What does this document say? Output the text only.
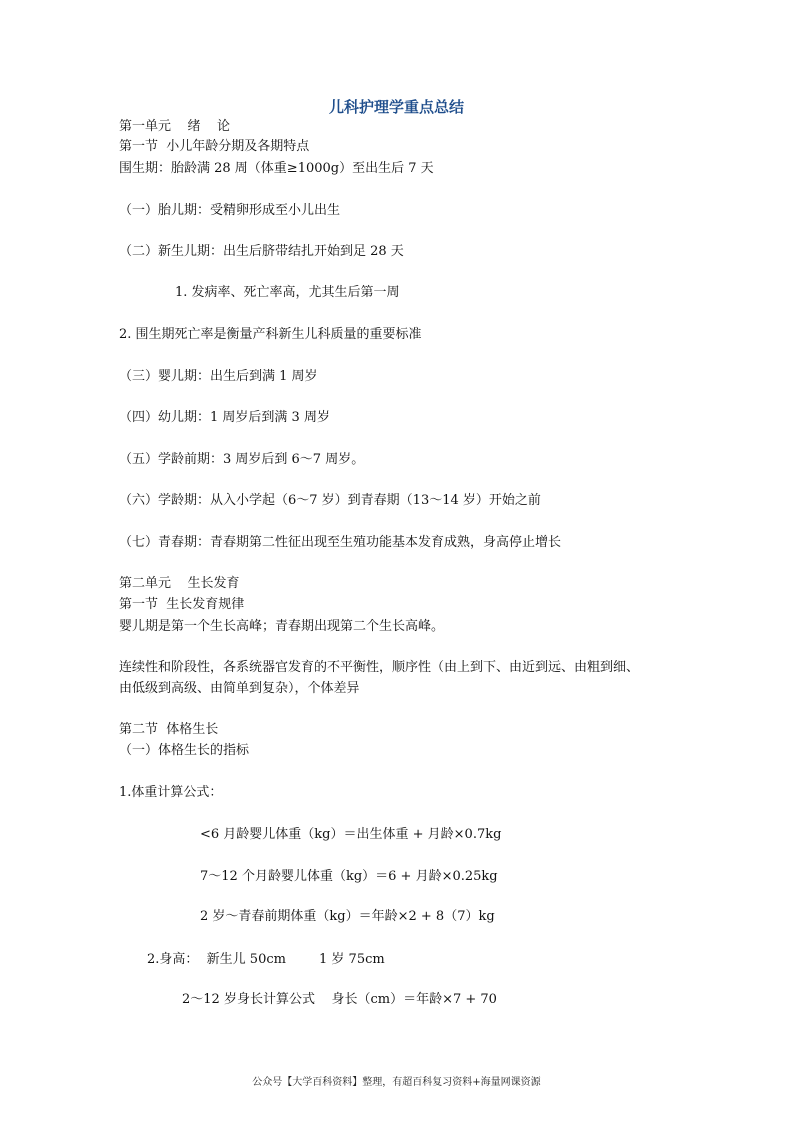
儿科护理学重点总结
第一单元    绪    论
第一节  小儿年龄分期及各期特点
围生期：胎龄满 28 周（体重≥1000g）至出生后 7 天
（一）胎儿期：受精卵形成至小儿出生
（二）新生儿期：出生后脐带结扎开始到足 28 天
1. 发病率、死亡率高，尤其生后第一周
2. 围生期死亡率是衡量产科新生儿科质量的重要标准
（三）婴儿期：出生后到满 1 周岁
（四）幼儿期：1 周岁后到满 3 周岁
（五）学龄前期：3 周岁后到 6～7 周岁。
（六）学龄期：从入小学起（6～7 岁）到青春期（13～14 岁）开始之前
（七）青春期：青春期第二性征出现至生殖功能基本发育成熟，身高停止增长
第二单元    生长发育
第一节  生长发育规律
婴儿期是第一个生长高峰；青春期出现第二个生长高峰。
连续性和阶段性，各系统器官发育的不平衡性，顺序性（由上到下、由近到远、由粗到细、
由低级到高级、由简单到复杂），个体差异
第二节  体格生长
（一）体格生长的指标
1.体重计算公式：
<6 月龄婴儿体重（kg）＝出生体重 + 月龄×0.7kg
7～12 个月龄婴儿体重（kg）＝6 + 月龄×0.25kg
2 岁～青春前期体重（kg）＝年龄×2 + 8（7）kg
2.身高：  新生儿 50cm        1 岁 75cm
2～12 岁身长计算公式    身长（cm）＝年龄×7 + 70
公众号【大学百科资料】整理，有超百科复习资料+海量网课资源
